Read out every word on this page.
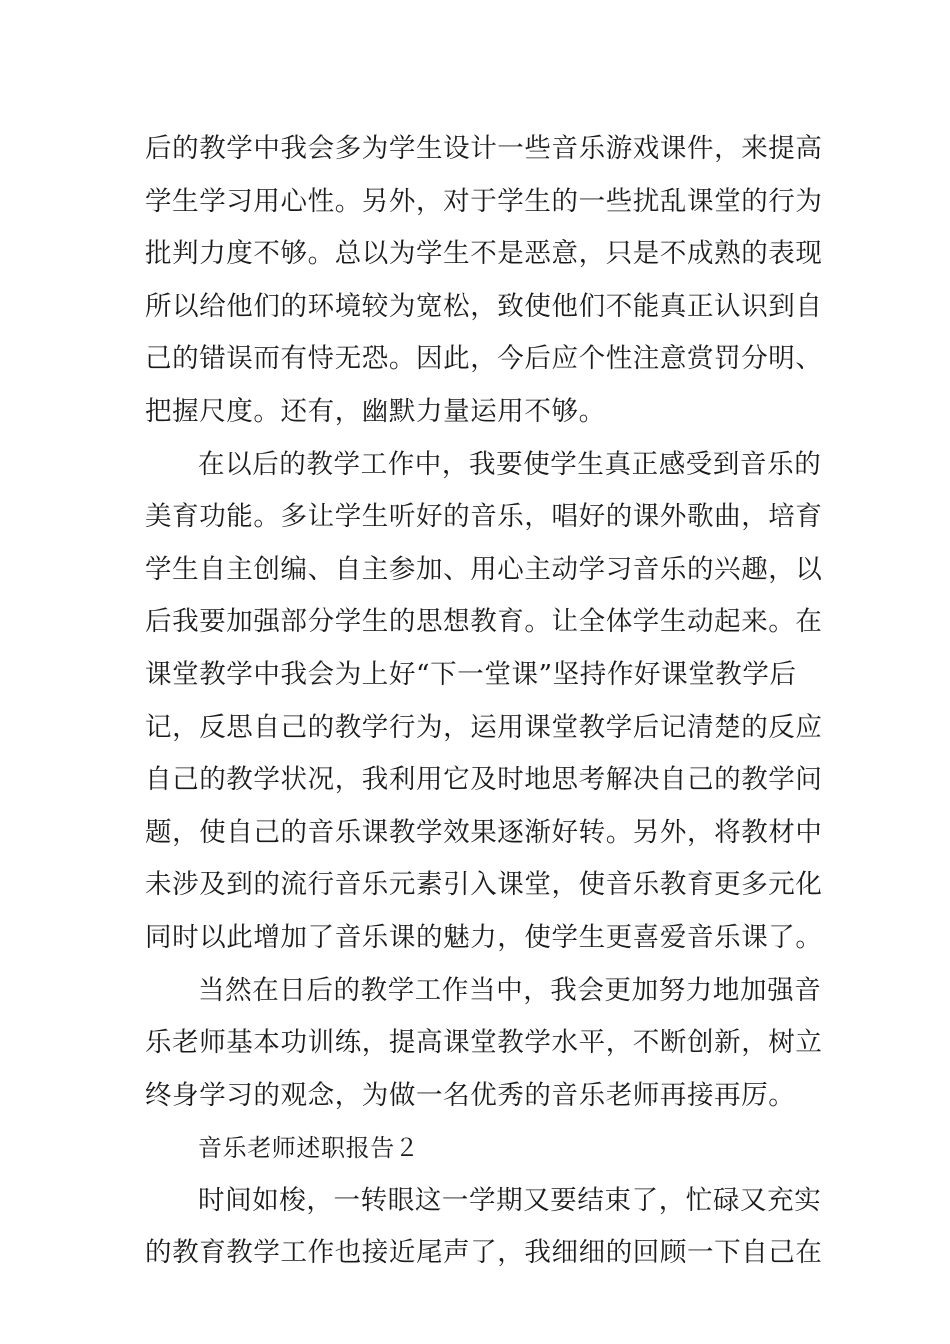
后的教学中我会多为学生设计一些音乐游戏课件，来提高
学生学习用心性。另外，对于学生的一些扰乱课堂的行为
批判力度不够。总以为学生不是恶意，只是不成熟的表现
所以给他们的环境较为宽松，致使他们不能真正认识到自
己的错误而有恃无恐。因此，今后应个性注意赏罚分明、
把握尺度。还有，幽默力量运用不够。
在以后的教学工作中，我要使学生真正感受到音乐的
美育功能。多让学生听好的音乐，唱好的课外歌曲，培育
学生自主创编、自主参加、用心主动学习音乐的兴趣，以
后我要加强部分学生的思想教育。让全体学生动起来。在
课堂教学中我会为上好“下一堂课”坚持作好课堂教学后
记，反思自己的教学行为，运用课堂教学后记清楚的反应
自己的教学状况，我利用它及时地思考解决自己的教学问
题，使自己的音乐课教学效果逐渐好转。另外，将教材中
未涉及到的流行音乐元素引入课堂，使音乐教育更多元化
同时以此增加了音乐课的魅力，使学生更喜爱音乐课了。
当然在日后的教学工作当中，我会更加努力地加强音
乐老师基本功训练，提高课堂教学水平，不断创新，树立
终身学习的观念，为做一名优秀的音乐老师再接再厉。
音乐老师述职报告２
时间如梭，一转眼这一学期又要结束了，忙碌又充实
的教育教学工作也接近尾声了，我细细的回顾一下自己在
